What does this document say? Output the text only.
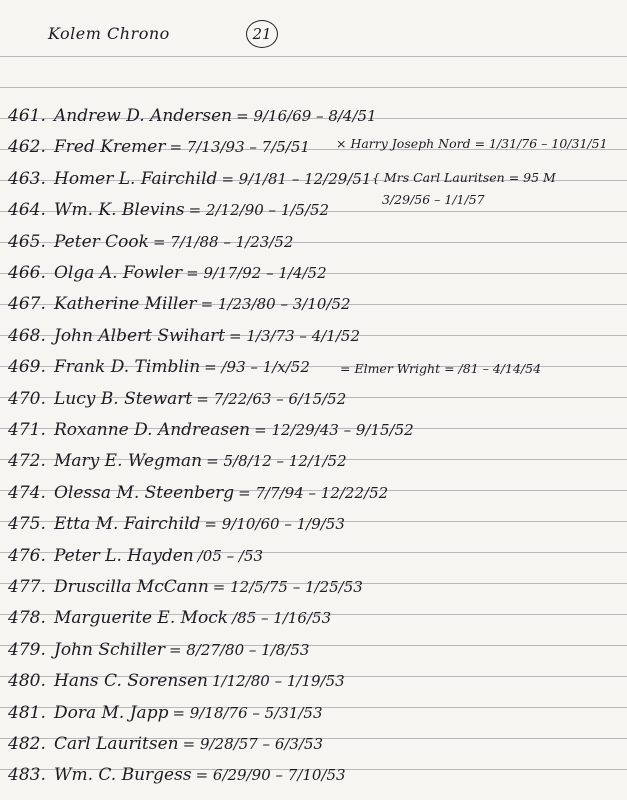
Kolem Chrono	21
461. Andrew D. Andersen = 9/16/69 – 8/4/51
462. Fred Kremer = 7/13/93 – 7/5/51
463. Homer L. Fairchild = 9/1/81 – 12/29/51
464. Wm. K. Blevins = 2/12/90 – 1/5/52
465. Peter Cook = 7/1/88 – 1/23/52
466. Olga A. Fowler = 9/17/92 – 1/4/52
467. Katherine Miller = 1/23/80 – 3/10/52
468. John Albert Swihart = 1/3/73 – 4/1/52
469. Frank D. Timblin = /93 – 1/x/52
470. Lucy B. Stewart = 7/22/63 – 6/15/52
471. Roxanne D. Andreasen = 12/29/43 – 9/15/52
472. Mary E. Wegman = 5/8/12 – 12/1/52
474. Olessa M. Steenberg = 7/7/94 – 12/22/52
475. Etta M. Fairchild = 9/10/60 – 1/9/53
476. Peter L. Hayden /05 – /53
477. Druscilla McCann = 12/5/75 – 1/25/53
478. Marguerite E. Mock /85 – 1/16/53
479. John Schiller = 8/27/80 – 1/8/53
480. Hans C. Sorensen 1/12/80 – 1/19/53
481. Dora M. Japp = 9/18/76 – 5/31/53
482. Carl Lauritsen = 9/28/57 – 6/3/53
483. Wm. C. Burgess = 6/29/90 – 7/10/53
× Harry Joseph Nord = 1/31/76 – 10/31/51
{ Mrs Carl Lauritsen = 95 M
3/29/56 – 1/1/57
= Elmer Wright = /81 – 4/14/54
